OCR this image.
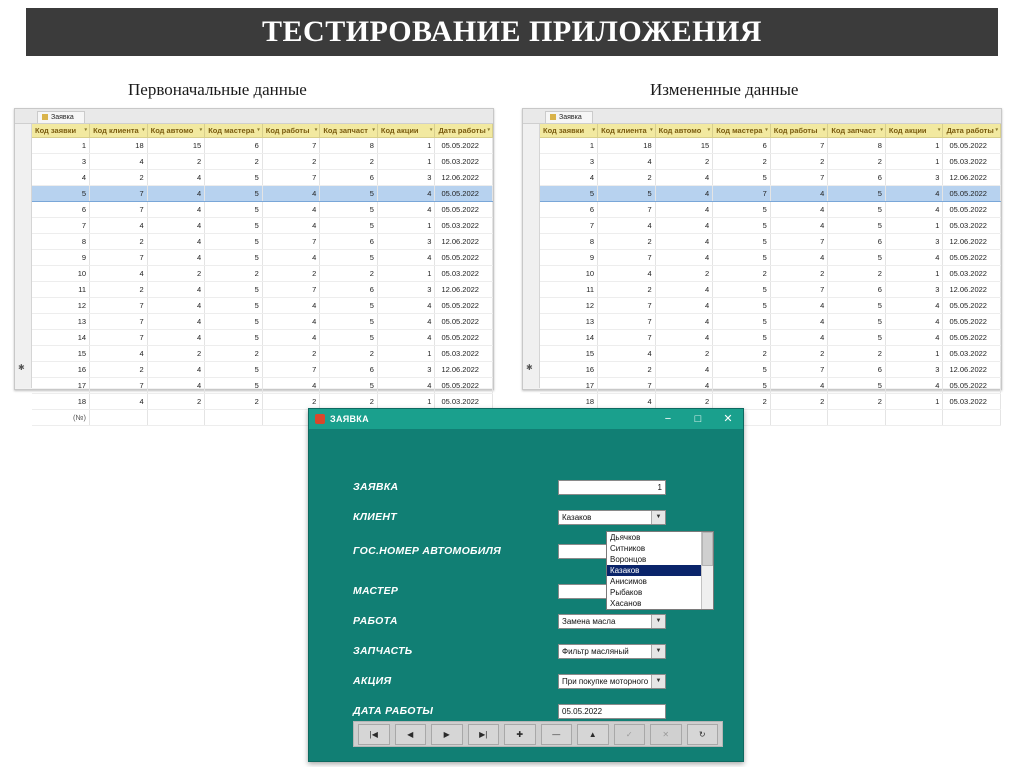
ТЕСТИРОВАНИЕ ПРИЛОЖЕНИЯ
Первоначальные данные	Измененные данные
Заявка
✱
Код заявки ▾	Код клиента ▾	Код автомо ▾	Код мастера ▾	Код работы ▾	Код запчаст ▾	Код акции ▾	Дата работы ▾

1	18	15	6	7	8	1	05.05.2022
3	4	2	2	2	2	1	05.03.2022
4	2	4	5	7	6	3	12.06.2022
5	7	4	5	4	5	4	05.05.2022
6	7	4	5	4	5	4	05.05.2022
7	4	4	5	4	5	1	05.03.2022
8	2	4	5	7	6	3	12.06.2022
9	7	4	5	4	5	4	05.05.2022
10	4	2	2	2	2	1	05.03.2022
11	2	4	5	7	6	3	12.06.2022
12	7	4	5	4	5	4	05.05.2022
13	7	4	5	4	5	4	05.05.2022
14	7	4	5	4	5	4	05.05.2022
15	4	2	2	2	2	1	05.03.2022
16	2	4	5	7	6	3	12.06.2022
17	7	4	5	4	5	4	05.05.2022
18	4	2	2	2	2	1	05.03.2022
(№)							
Заявка
✱
Код заявки ▾	Код клиента ▾	Код автомо ▾	Код мастера ▾	Код работы ▾	Код запчаст ▾	Код акции ▾	Дата работы ▾

1	18	15	6	7	8	1	05.05.2022
3	4	2	2	2	2	1	05.03.2022
4	2	4	5	7	6	3	12.06.2022
5	5	4	7	4	5	4	05.05.2022
6	7	4	5	4	5	4	05.05.2022
7	4	4	5	4	5	1	05.03.2022
8	2	4	5	7	6	3	12.06.2022
9	7	4	5	4	5	4	05.05.2022
10	4	2	2	2	2	1	05.03.2022
11	2	4	5	7	6	3	12.06.2022
12	7	4	5	4	5	4	05.05.2022
13	7	4	5	4	5	4	05.05.2022
14	7	4	5	4	5	4	05.05.2022
15	4	2	2	2	2	1	05.03.2022
16	2	4	5	7	6	3	12.06.2022
17	7	4	5	4	5	4	05.05.2022
18	4	2	2	2	2	1	05.03.2022

ЗАЯВКА	−	□	✕
ЗАЯВКА	1
КЛИЕНТ	Казаков	▼
ГОС.НОМЕР АВТОМОБИЛЯ
МАСТЕР
РАБОТА	Замена масла	▼
ЗАПЧАСТЬ	Фильтр масляный	▼
АКЦИЯ	При покупке моторного	▼
ДАТА РАБОТЫ	05.05.2022
Дьячков
Ситников
Воронцов
Казаков
Анисимов
Рыбаков
Хасанов
|◀	◀	▶	▶|	✚	—	▲	✓	✕	↻
